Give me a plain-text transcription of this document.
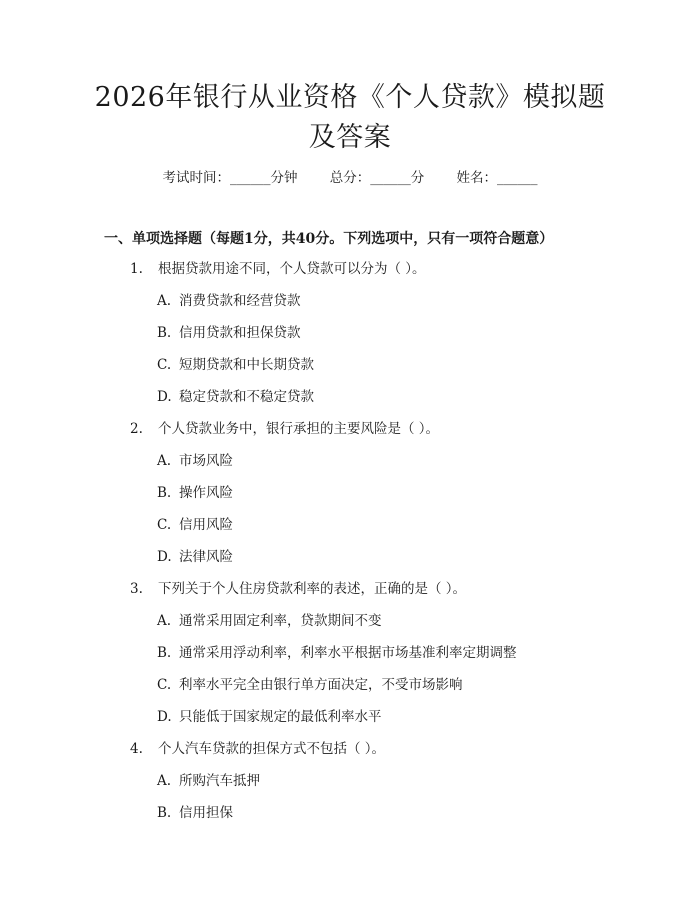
2026年银行从业资格《个人贷款》模拟题及答案
考试时间：______分钟 总分：______分 姓名：______
一、单项选择题（每题1分，共40分。下列选项中，只有一项符合题意）
1. 根据贷款用途不同，个人贷款可以分为（ ）。
A. 消费贷款和经营贷款
B. 信用贷款和担保贷款
C. 短期贷款和中长期贷款
D. 稳定贷款和不稳定贷款
2. 个人贷款业务中，银行承担的主要风险是（ ）。
A. 市场风险
B. 操作风险
C. 信用风险
D. 法律风险
3. 下列关于个人住房贷款利率的表述，正确的是（ ）。
A. 通常采用固定利率，贷款期间不变
B. 通常采用浮动利率，利率水平根据市场基准利率定期调整
C. 利率水平完全由银行单方面决定，不受市场影响
D. 只能低于国家规定的最低利率水平
4. 个人汽车贷款的担保方式不包括（ ）。
A. 所购汽车抵押
B. 信用担保
